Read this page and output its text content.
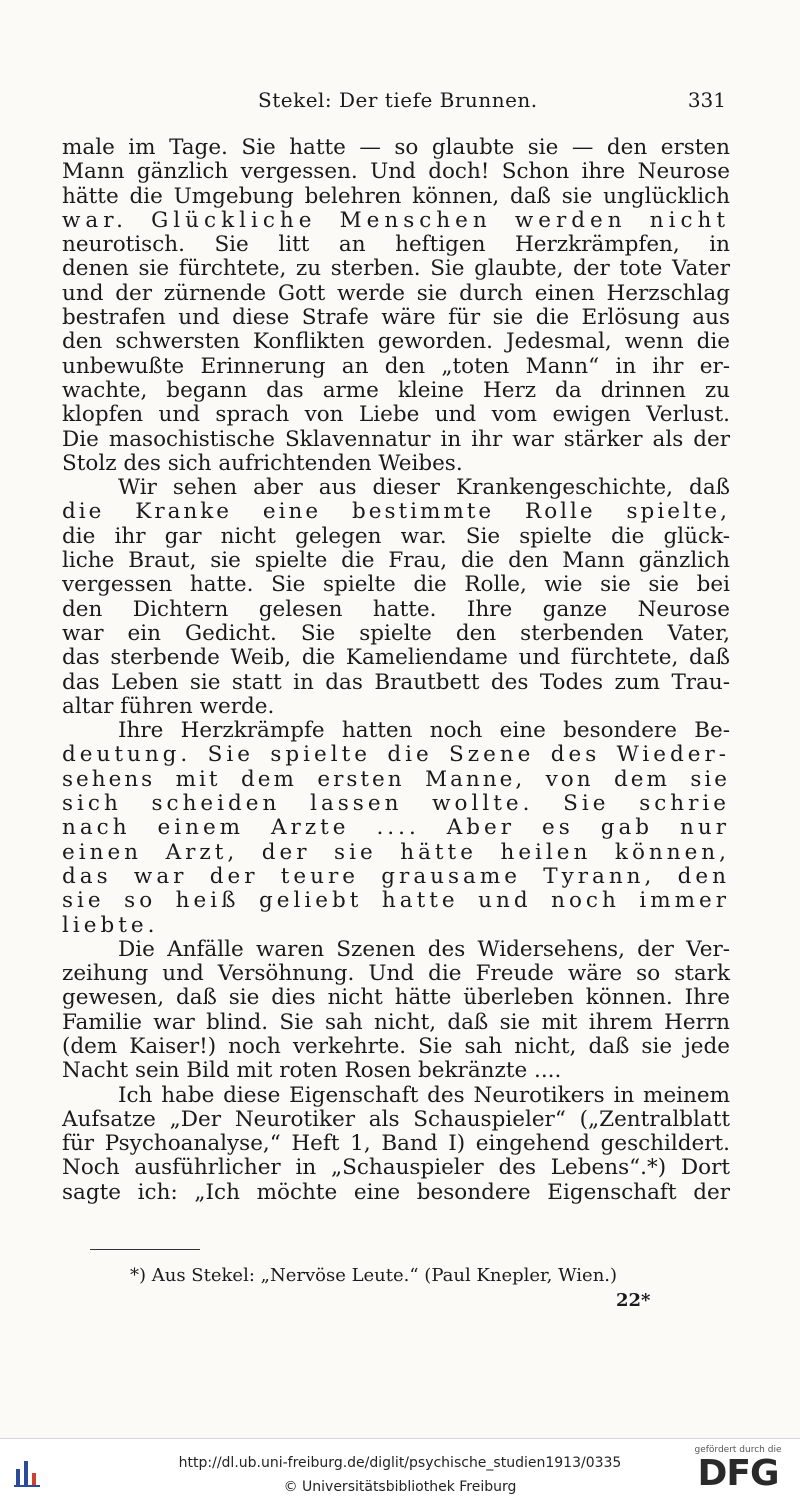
Stekel: Der tiefe Brunnen.	331
male im Tage. Sie hatte — so glaubte sie — den ersten
Mann gänzlich vergessen. Und doch! Schon ihre Neurose
hätte die Umgebung belehren können, daß sie unglücklich
war. Glückliche Menschen werden nicht
neurotisch. Sie litt an heftigen Herzkrämpfen, in
denen sie fürchtete, zu sterben. Sie glaubte, der tote Vater
und der zürnende Gott werde sie durch einen Herzschlag
bestrafen und diese Strafe wäre für sie die Erlösung aus
den schwersten Konflikten geworden. Jedesmal, wenn die
unbewußte Erinnerung an den „toten Mann“ in ihr er-
wachte, begann das arme kleine Herz da drinnen zu
klopfen und sprach von Liebe und vom ewigen Verlust.
Die masochistische Sklavennatur in ihr war stärker als der
Stolz des sich aufrichtenden Weibes.
Wir sehen aber aus dieser Krankengeschichte, daß
die Kranke eine bestimmte Rolle spielte,
die ihr gar nicht gelegen war. Sie spielte die glück-
liche Braut, sie spielte die Frau, die den Mann gänzlich
vergessen hatte. Sie spielte die Rolle, wie sie sie bei
den Dichtern gelesen hatte. Ihre ganze Neurose
war ein Gedicht. Sie spielte den sterbenden Vater,
das sterbende Weib, die Kameliendame und fürchtete, daß
das Leben sie statt in das Brautbett des Todes zum Trau-
altar führen werde.
Ihre Herzkrämpfe hatten noch eine besondere Be-
deutung. Sie spielte die Szene des Wieder-
sehens mit dem ersten Manne, von dem sie
sich scheiden lassen wollte. Sie schrie
nach einem Arzte .... Aber es gab nur
einen Arzt, der sie hätte heilen können,
das war der teure grausame Tyrann, den
sie so heiß geliebt hatte und noch immer
liebte.
Die Anfälle waren Szenen des Widersehens, der Ver-
zeihung und Versöhnung. Und die Freude wäre so stark
gewesen, daß sie dies nicht hätte überleben können. Ihre
Familie war blind. Sie sah nicht, daß sie mit ihrem Herrn
(dem Kaiser!) noch verkehrte. Sie sah nicht, daß sie jede
Nacht sein Bild mit roten Rosen bekränzte ....
Ich habe diese Eigenschaft des Neurotikers in meinem
Aufsatze „Der Neurotiker als Schauspieler“ („Zentralblatt
für Psychoanalyse,“ Heft 1, Band I) eingehend geschildert.
Noch ausführlicher in „Schauspieler des Lebens“.*) Dort
sagte ich: „Ich möchte eine besondere Eigenschaft der
*) Aus Stekel: „Nervöse Leute.“ (Paul Knepler, Wien.)
22*
http://dl.ub.uni-freiburg.de/diglit/psychische_studien1913/0335
© Universitätsbibliothek Freiburg
gefördert durch die
DFG
